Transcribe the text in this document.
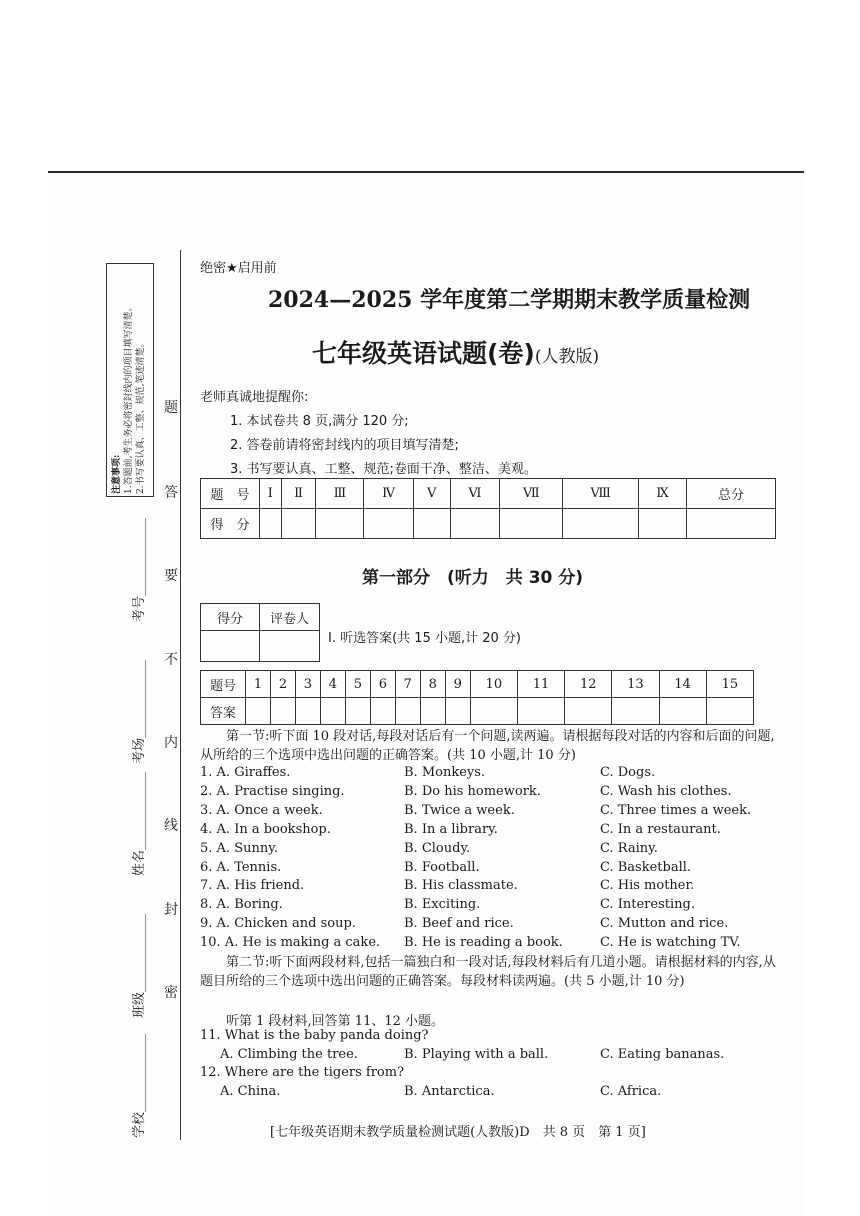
注意事项: 1.答题前,考生务必将密封线内的项目填写清楚。 2.书写要认真、工整、规范,笔迹清楚。 题
答
要
不
内
线
封
密
考号____________
考场____________
姓名____________
班级____________
学校____________
绝密★启用前
2024—2025 学年度第二学期期末教学质量检测
七年级英语试题(卷)(人教版)
老师真诚地提醒你:
1. 本试卷共 8 页,满分 120 分;
2. 答卷前请将密封线内的项目填写清楚;
3. 书写要认真、工整、规范;卷面干净、整洁、美观。
题　号	Ⅰ	Ⅱ	Ⅲ	Ⅳ	Ⅴ	Ⅵ	Ⅶ	Ⅷ	Ⅸ	总分
得　分										
第一部分　(听力　共 30 分)
得分	评卷人

Ⅰ. 听选答案(共 15 小题,计 20 分)
题号	1	2	3	4	5	6	7	8	9	10	11	12	13	14	15
答案															
第一节:听下面 10 段对话,每段对话后有一个问题,读两遍。请根据每段对话的内容和后面的问题,从所给的三个选项中选出问题的正确答案。(共 10 小题,计 10 分)
1. A. Giraffes.	B. Monkeys.	C. Dogs.
2. A. Practise singing.	B. Do his homework.	C. Wash his clothes.
3. A. Once a week.	B. Twice a week.	C. Three times a week.
4. A. In a bookshop.	B. In a library.	C. In a restaurant.
5. A. Sunny.	B. Cloudy.	C. Rainy.
6. A. Tennis.	B. Football.	C. Basketball.
7. A. His friend.	B. His classmate.	C. His mother.
8. A. Boring.	B. Exciting.	C. Interesting.
9. A. Chicken and soup.	B. Beef and rice.	C. Mutton and rice.
10. A. He is making a cake. B. He is reading a book.	C. He is watching TV.
第二节:听下面两段材料,包括一篇独白和一段对话,每段材料后有几道小题。请根据材料的内容,从题目所给的三个选项中选出问题的正确答案。每段材料读两遍。(共 5 小题,计 10 分)
听第 1 段材料,回答第 11、12 小题。
11. What is the baby panda doing?
A. Climbing the tree.	B. Playing with a ball.	C. Eating bananas.
12. Where are the tigers from?
A. China.	B. Antarctica.	C. Africa.
[七年级英语期末教学质量检测试题(人教版)D　共 8 页　第 1 页]
